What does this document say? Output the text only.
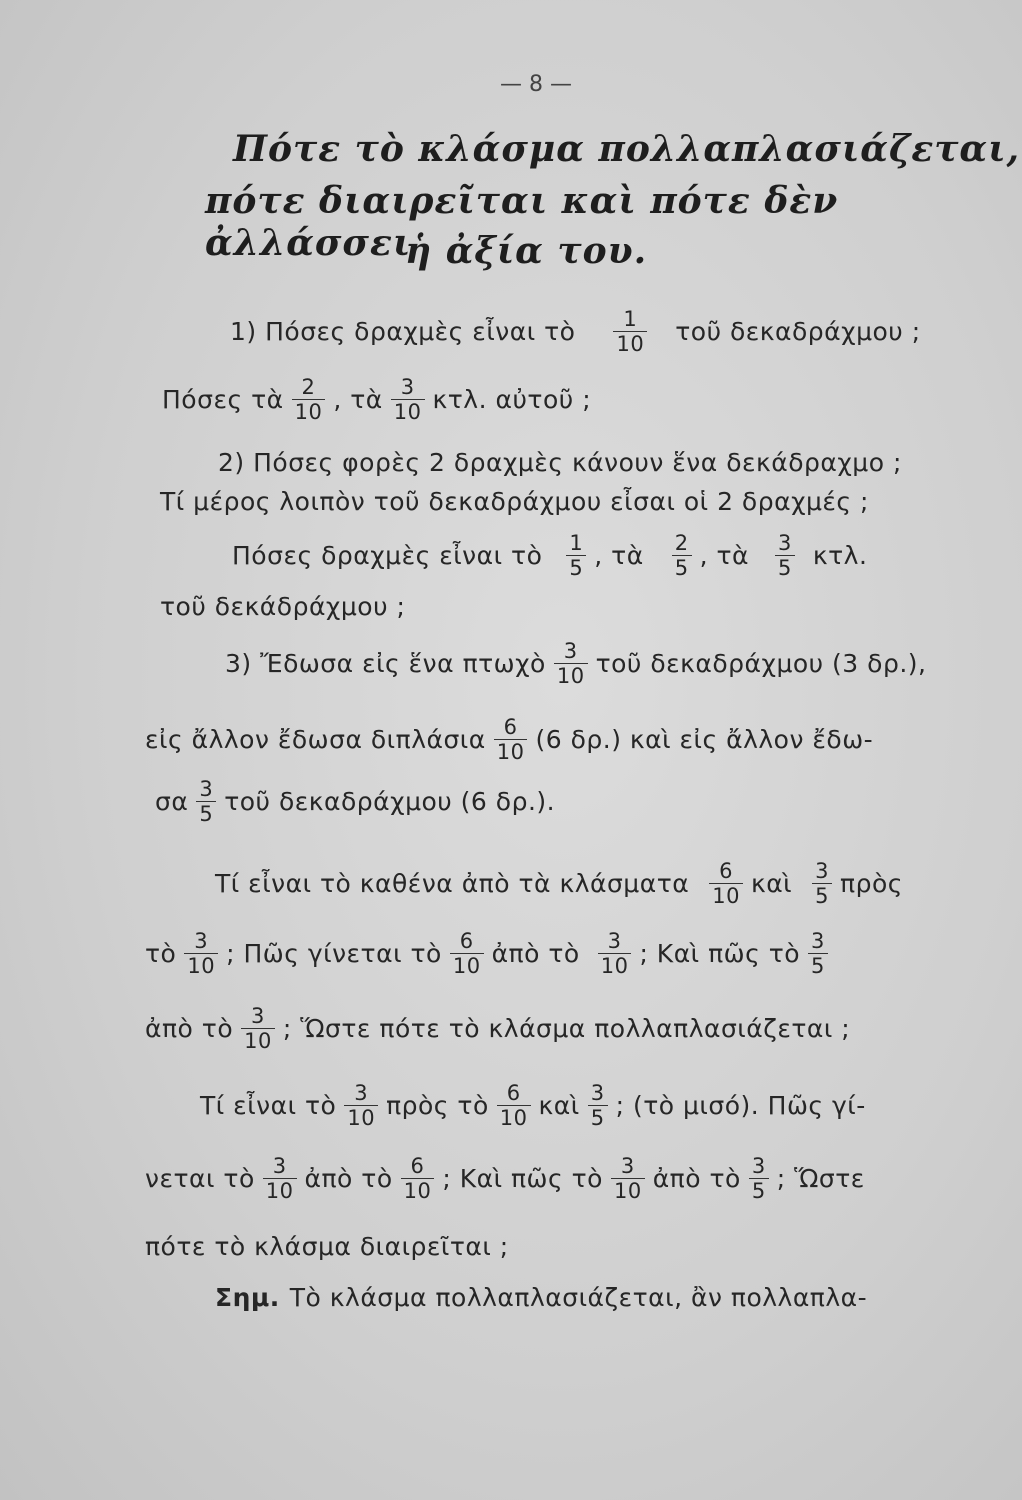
— 8 —
Πότε τὸ κλάσμα πολλαπλασιάζεται,
πότε διαιρεῖται καὶ πότε δὲν ἀλλάσσει
ἡ ἀξία του.
1) Πόσες δραχμὲς εἶναι τὸ $\frac{1}{10}$ τοῦ δεκαδράχμου ;
Πόσες τὰ $\frac{2}{10}$ , τὰ $\frac{3}{10} \kappa\tau\lambda$. αὐτοῦ ;
2) Πόσες φορὲς 2 δραχμὲς κάνουν ἕνα δεκάδραχμο ;
Τί μέρος λοιπὸν τοῦ δεκαδράχμου εἶσαι οἱ 2 δραχμές ;
Πόσες δραχμὲς εἶναι τὸ $\frac{1}{5}$ , τὰ $\frac{2}{5}$ , τὰ $\frac{3}{5} \kappa\tau\lambda$.
τοῦ δεκάδράχμου ;
3) Ἔδωσα εἰς ἕνα πτωχὸ $\frac{3}{10}$ τοῦ δεκαδράχμου (3 δρ.),
εἰς ἄλλον ἔδωσα διπλάσια $\frac{6}{10} (6$ δρ.) καὶ εἰς ἄλλον ἔδω-
σα $\frac{3}{5}$ τοῦ δεκαδράχμου (6 δρ.).
Τί εἶναι τὸ καθένα ἀπὸ τὰ κλάσματα $\frac{6}{10}$ καὶ $\frac{3}{5}$ πρὸς
τὸ $\frac{3}{10}$ ; Πῶς γίνεται τὸ $\frac{6}{10}$ ἀπὸ τὸ $\frac{3}{10}$ ; Καὶ πῶς τὸ $\frac{3}{5}$
ἀπὸ τὸ $\frac{3}{10}$ ; Ὥστε πότε τὸ κλάσμα πολλαπλασιάζεται ;
Τί εἶναι τὸ $\frac{3}{10}$ πρὸς τὸ $\frac{6}{10}$ καὶ $\frac{3}{5}$ ; (τὸ μισό). Πῶς γί-
νεται τὸ $\frac{3}{10}$ ἀπὸ τὸ $\frac{6}{10}$ ; Καὶ πῶς τὸ $\frac{3}{10}$ ἀπὸ τὸ $\frac{3}{5}$ ; Ὥστε
πότε τὸ κλάσμα διαιρεῖται ;
Σημ. Τὸ κλάσμα πολλαπλασιάζεται, ἂν πολλαπλα-
